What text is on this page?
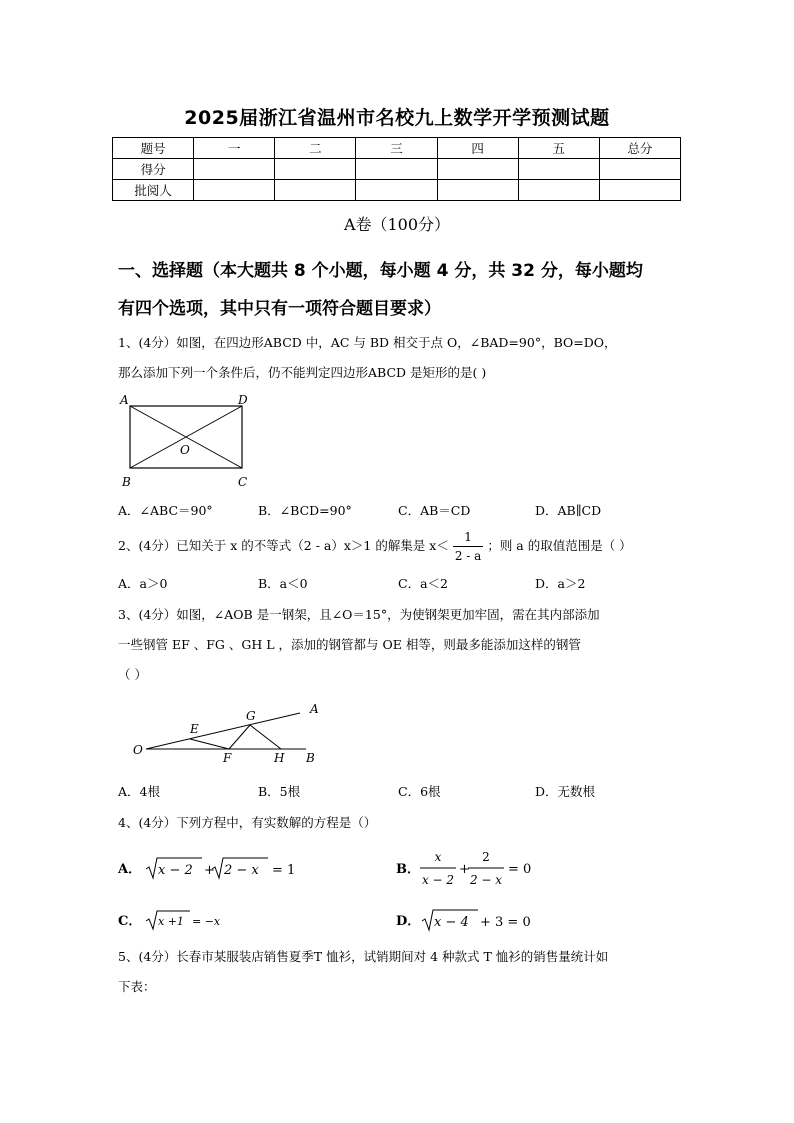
2025届浙江省温州市名校九上数学开学预测试题
题号	一	二	三	四	五	总分
得分						
批阅人						
A卷（100分）
一、选择题（本大题共 8 个小题，每小题 4 分，共 32 分，每小题均
有四个选项，其中只有一项符合题目要求）
1、(4分）如图，在四边形ABCD 中，AC 与 BD 相交于点 O，∠BAD=90°，BO=DO，
那么添加下列一个条件后，仍不能判定四边形ABCD 是矩形的是( )
A	D
O
B	C
A．∠ABC＝90°	B．∠BCD=90°	C．AB＝CD	D．AB∥CD
2、(4分）已知关于 x 的不等式（2 - a）x＞1 的解集是 $x< \frac{1}{2 - a}$ ；则 a 的取值范围是（ ）
A．a＞0	B．a＜0	C．a＜2	D．a＞2
3、(4分）如图，∠AOB 是一钢架，且∠O＝15°，为使钢架更加牢固，需在其内部添加
一些钢管 EF 、FG 、GH L ，添加的钢管都与 OE 相等，则最多能添加这样的钢管
（ ）
O
A
B
E
F
G
H
A．4根	B．5根	C．6根	D．无数根
4、(4分）下列方程中，有实数解的方程是（）
A． x − 2 + 2 − x = 1	B．
x
x − 2
+
2
2 − x
= 0
C． x +1 = −x	D． x − 4 + 3 = 0
5、(4分）长春市某服装店销售夏季T 恤衫，试销期间对 4 种款式 T 恤衫的销售量统计如
下表：
